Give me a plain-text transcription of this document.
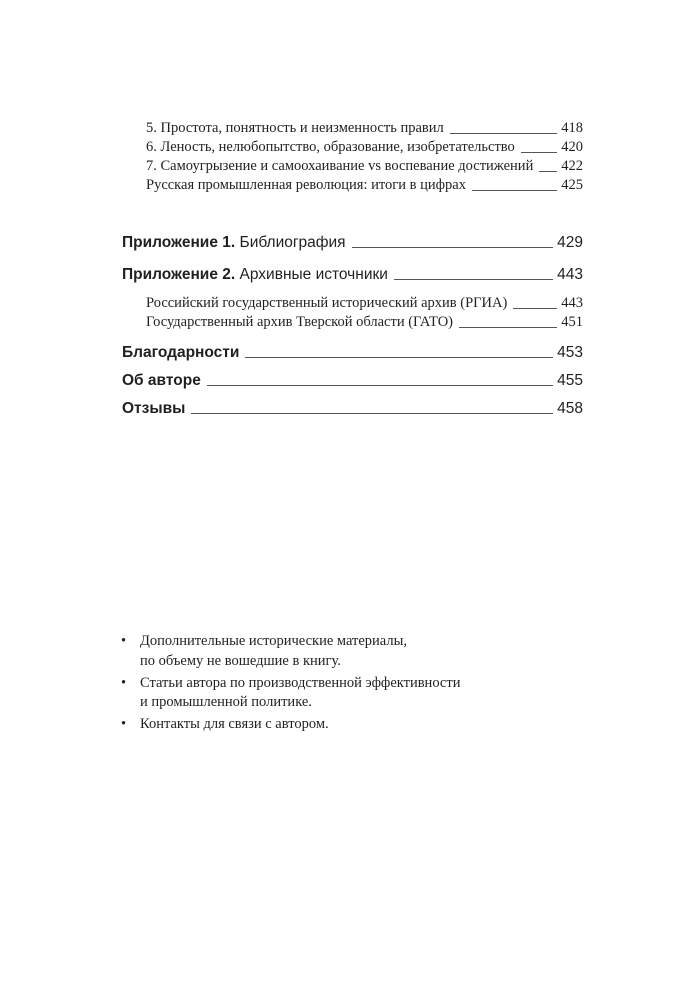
5. Простота, понятность и неизменность правил	418
6. Леность, нелюбопытство, образование, изобретательство	420
7. Самоугрызение и самоохаивание vs воспевание достижений 422
Русская промышленная революция: итоги в цифрах	425
Приложение 1. Библиография	429
Приложение 2. Архивные источники	443
Российский государственный исторический архив (РГИА)	443
Государственный архив Тверской области (ГАТО)	451
Благодарности	453
Об авторе	455
Отзывы	458
• Дополнительные исторические материалы,
по объему не вошедшие в книгу.
• Статьи автора по производственной эффективности
и промышленной политике.
• Контакты для связи с автором.
